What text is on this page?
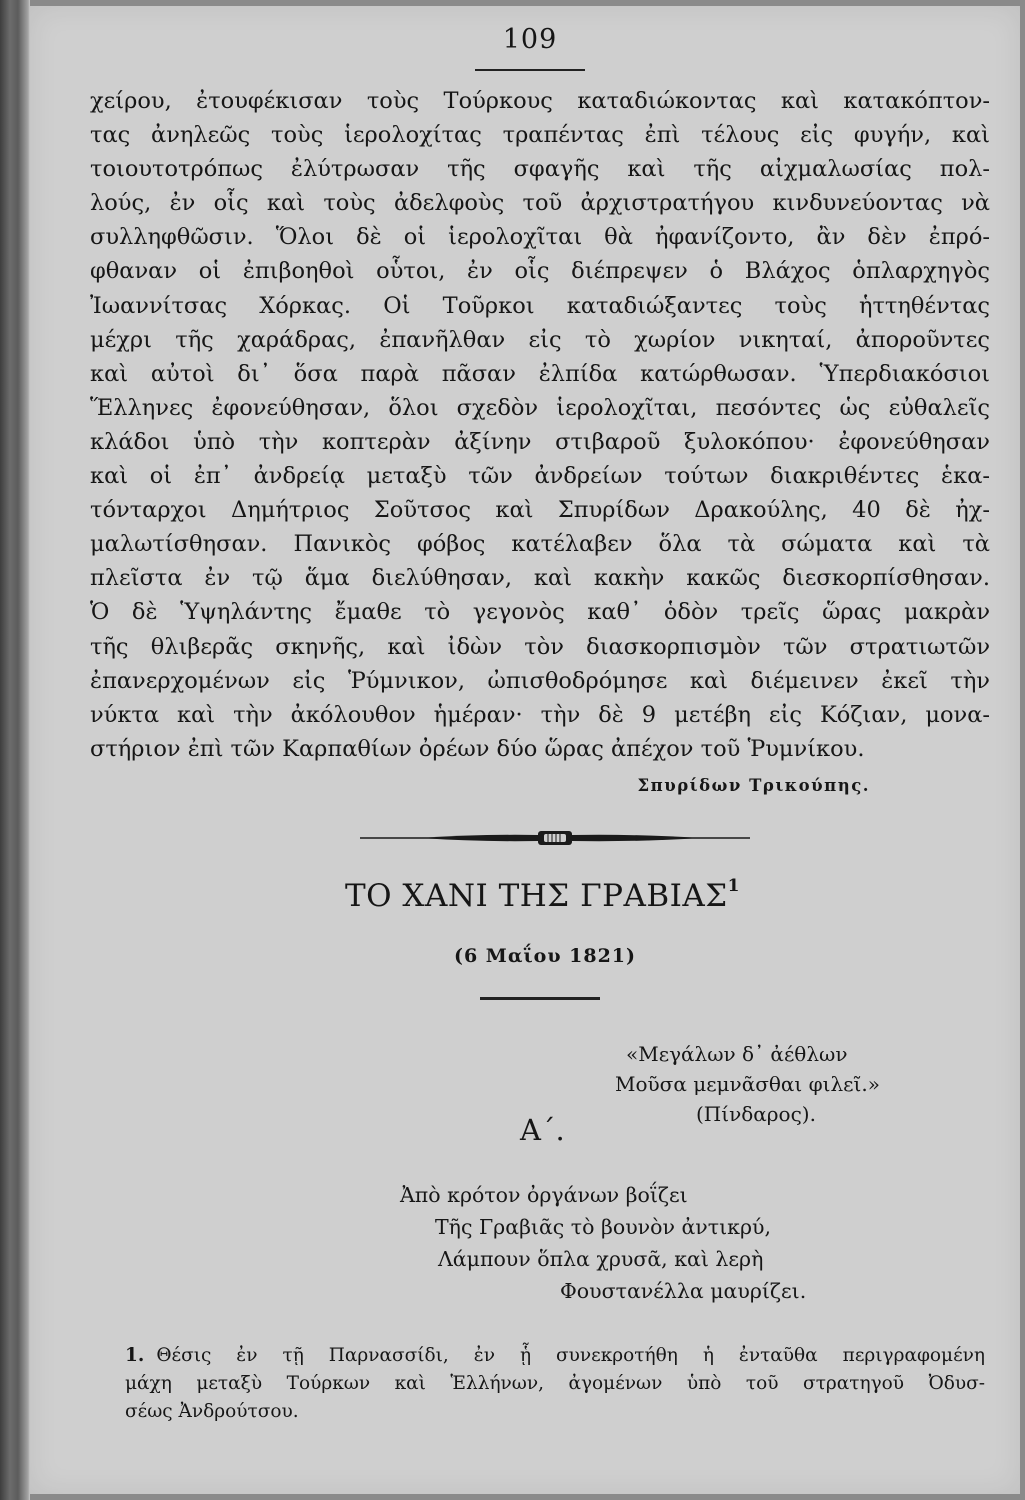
109
χείρου, ἐτουφέκισαν τοὺς Τούρκους καταδιώκοντας καὶ κατακόπτον-
τας ἀνηλεῶς τοὺς ἱερολοχίτας τραπέντας ἐπὶ τέλους εἰς φυγήν, καὶ
τοιουτοτρόπως ἐλύτρωσαν τῆς σφαγῆς καὶ τῆς αἰχμαλωσίας πολ-
λούς, ἐν οἷς καὶ τοὺς ἀδελφοὺς τοῦ ἀρχιστρατήγου κινδυνεύοντας νὰ
συλληφθῶσιν. Ὅλοι δὲ οἱ ἱερολοχῖται θὰ ἠφανίζοντο, ἂν δὲν ἐπρό-
φθαναν οἱ ἐπιβοηθοὶ οὗτοι, ἐν οἷς διέπρεψεν ὁ Βλάχος ὁπλαρχηγὸς
Ἰωαννίτσας Χόρκας. Οἱ Τοῦρκοι καταδιώξαντες τοὺς ἡττηθέντας
μέχρι τῆς χαράδρας, ἐπανῆλθαν εἰς τὸ χωρίον νικηταί, ἀποροῦντες
καὶ αὐτοὶ δι᾽ ὅσα παρὰ πᾶσαν ἐλπίδα κατώρθωσαν. Ὑπερδιακόσιοι
Ἕλληνες ἐφονεύθησαν, ὅλοι σχεδὸν ἱερολοχῖται, πεσόντες ὡς εὐθαλεῖς
κλάδοι ὑπὸ τὴν κοπτερὰν ἀξίνην στιβαροῦ ξυλοκόπου· ἐφονεύθησαν
καὶ οἱ ἐπ᾽ ἀνδρείᾳ μεταξὺ τῶν ἀνδρείων τούτων διακριθέντες ἑκα-
τόνταρχοι Δημήτριος Σοῦτσος καὶ Σπυρίδων Δρακούλης, 40 δὲ ἠχ-
μαλωτίσθησαν. Πανικὸς φόβος κατέλαβεν ὅλα τὰ σώματα καὶ τὰ
πλεῖστα ἐν τῷ ἅμα διελύθησαν, καὶ κακὴν κακῶς διεσκορπίσθησαν.
Ὁ δὲ Ὑψηλάντης ἔμαθε τὸ γεγονὸς καθ᾽ ὁδὸν τρεῖς ὥρας μακρὰν
τῆς θλιβερᾶς σκηνῆς, καὶ ἰδὼν τὸν διασκορπισμὸν τῶν στρατιωτῶν
ἐπανερχομένων εἰς Ῥύμνικον, ὠπισθοδρόμησε καὶ διέμεινεν ἐκεῖ τὴν
νύκτα καὶ τὴν ἀκόλουθον ἡμέραν· τὴν δὲ 9 μετέβη εἰς Κόζιαν, μονα-
στήριον ἐπὶ τῶν Καρπαθίων ὀρέων δύο ὥρας ἀπέχον τοῦ Ῥυμνίκου.
Σπυρίδων Τρικούπης.
ΤΟ ΧΑΝΙ ΤΗΣ ΓΡΑΒΙΑΣ$^1$
(6 Μαΐου 1821)
«Μεγάλων δ᾽ ἀέθλων
Μοῦσα μεμνᾶσθαι φιλεῖ.»
(Πίνδαρος).
Α΄.
Ἀπὸ κρότον ὀργάνων βοΐζει
Τῆς Γραβιᾶς τὸ βουνὸν ἀντικρύ,
Λάμπουν ὅπλα χρυσᾶ, καὶ λερὴ
Φουστανέλλα μαυρίζει.
1. Θέσις ἐν τῇ Παρνασσίδι, ἐν ᾗ συνεκροτήθη ἡ ἐνταῦθα περιγραφομένη
μάχη μεταξὺ Τούρκων καὶ Ἑλλήνων, ἀγομένων ὑπὸ τοῦ στρατηγοῦ Ὀδυσ-
σέως Ἀνδρούτσου.
